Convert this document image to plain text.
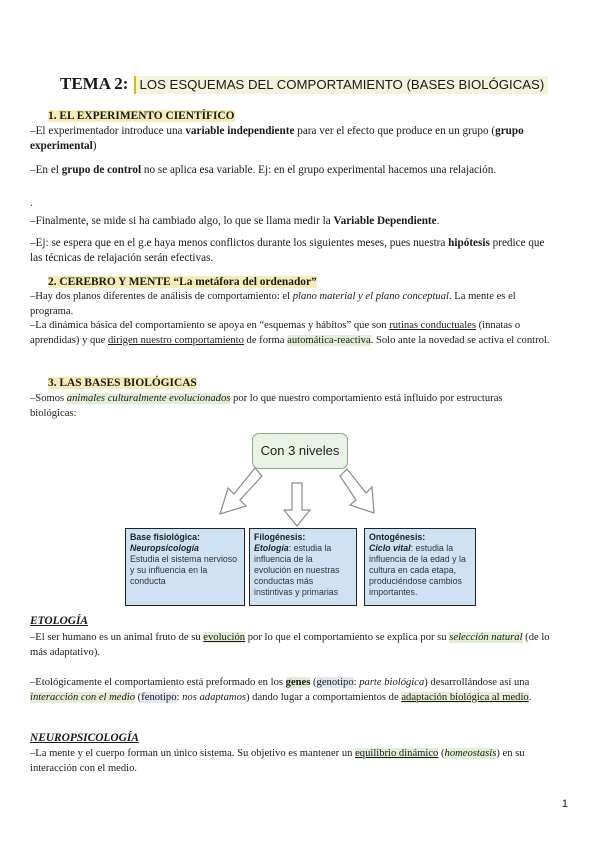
TEMA 2: LOS ESQUEMAS DEL COMPORTAMIENTO (BASES BIOLÓGICAS)
1. EL EXPERIMENTO CIENTÍFICO
–El experimentador introduce una variable independiente para ver el efecto que produce en un grupo (grupo experimental)
–En el grupo de control no se aplica esa variable. Ej: en el grupo experimental hacemos una relajación.
.
–Finalmente, se mide si ha cambiado algo, lo que se llama medir la Variable Dependiente.
–Ej: se espera que en el g.e haya menos conflictos durante los siguientes meses, pues nuestra hipótesis predice que las técnicas de relajación serán efectivas.
2. CEREBRO Y MENTE “La metáfora del ordenador”
–Hay dos planos diferentes de análisis de comportamiento: el plano material y el plano conceptual. La mente es el programa.
–La dinámica básica del comportamiento se apoya en “esquemas y hábitos” que son rutinas conductuales (innatas o aprendidas) y que dirigen nuestro comportamiento de forma automática-reactiva. Solo ante la novedad se activa el control.
3. LAS BASES BIOLÓGICAS
–Somos animales culturalmente evolucionados por lo que nuestro comportamiento está influido por estructuras biológicas:
Con 3 niveles
Base fisiológica:
Neuropsicología
Estudia el sistema nervioso y su influencia en la conducta
Filogénesis:
Etología: estudia la influencia de la evolución en nuestras conductas más instintivas y primarias
Ontogénesis:
Ciclo vital: estudia la influencia de la edad y la cultura en cada etapa, produciéndose cambios importantes.
ETOLOGÍA
–El ser humano es un animal fruto de su evolución por lo que el comportamiento se explica por su selección natural (de lo más adaptativo).
–Etológicamente el comportamiento está preformado en los genes (genotipo: parte biológica) desarrollándose así una interacción con el medio (fenotipo: nos adaptamos) dando lugar a comportamientos de adaptación biológica al medio.
NEUROPSICOLOGÍA
–La mente y el cuerpo forman un único sistema. Su objetivo es mantener un equilibrio dinámico (homeostasis) en su interacción con el medio.
1
